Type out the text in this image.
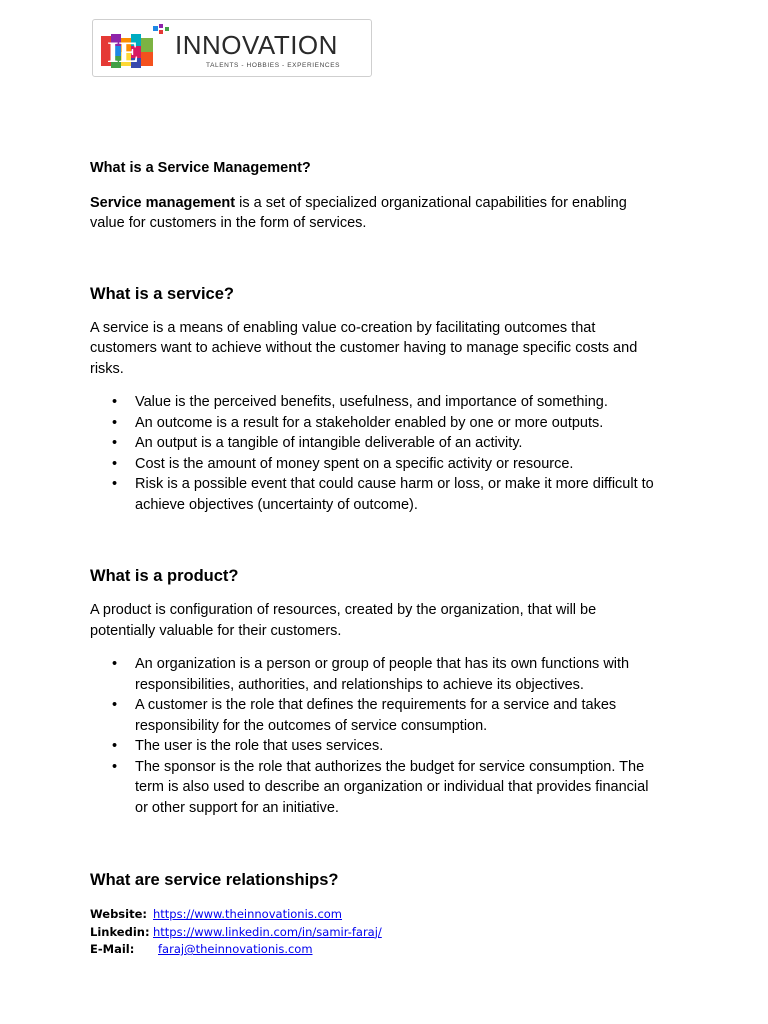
IE INNOVATION
TALENTS - HOBBIES - EXPERIENCES
What is a Service Management?

Service management is a set of specialized organizational capabilities for enabling
value for customers in the form of services.

What is a service?

A service is a means of enabling value co-creation by facilitating outcomes that
customers want to achieve without the customer having to manage specific costs and
risks.

• Value is the perceived benefits, usefulness, and importance of something.
• An outcome is a result for a stakeholder enabled by one or more outputs.
• An output is a tangible of intangible deliverable of an activity.
• Cost is the amount of money spent on a specific activity or resource.
• Risk is a possible event that could cause harm or loss, or make it more difficult to
achieve objectives (uncertainty of outcome).
What is a product?

A product is configuration of resources, created by the organization, that will be
potentially valuable for their customers.

• An organization is a person or group of people that has its own functions with
responsibilities, authorities, and relationships to achieve its objectives.
• A customer is the role that defines the requirements for a service and takes
responsibility for the outcomes of service consumption.
• The user is the role that uses services.
• The sponsor is the role that authorizes the budget for service consumption. The
term is also used to describe an organization or individual that provides financial
or other support for an initiative.
What are service relationships?
Website: https://www.theinnovationis.com
Linkedin: https://www.linkedin.com/in/samir-faraj/
E-Mail:	faraj@theinnovationis.com
